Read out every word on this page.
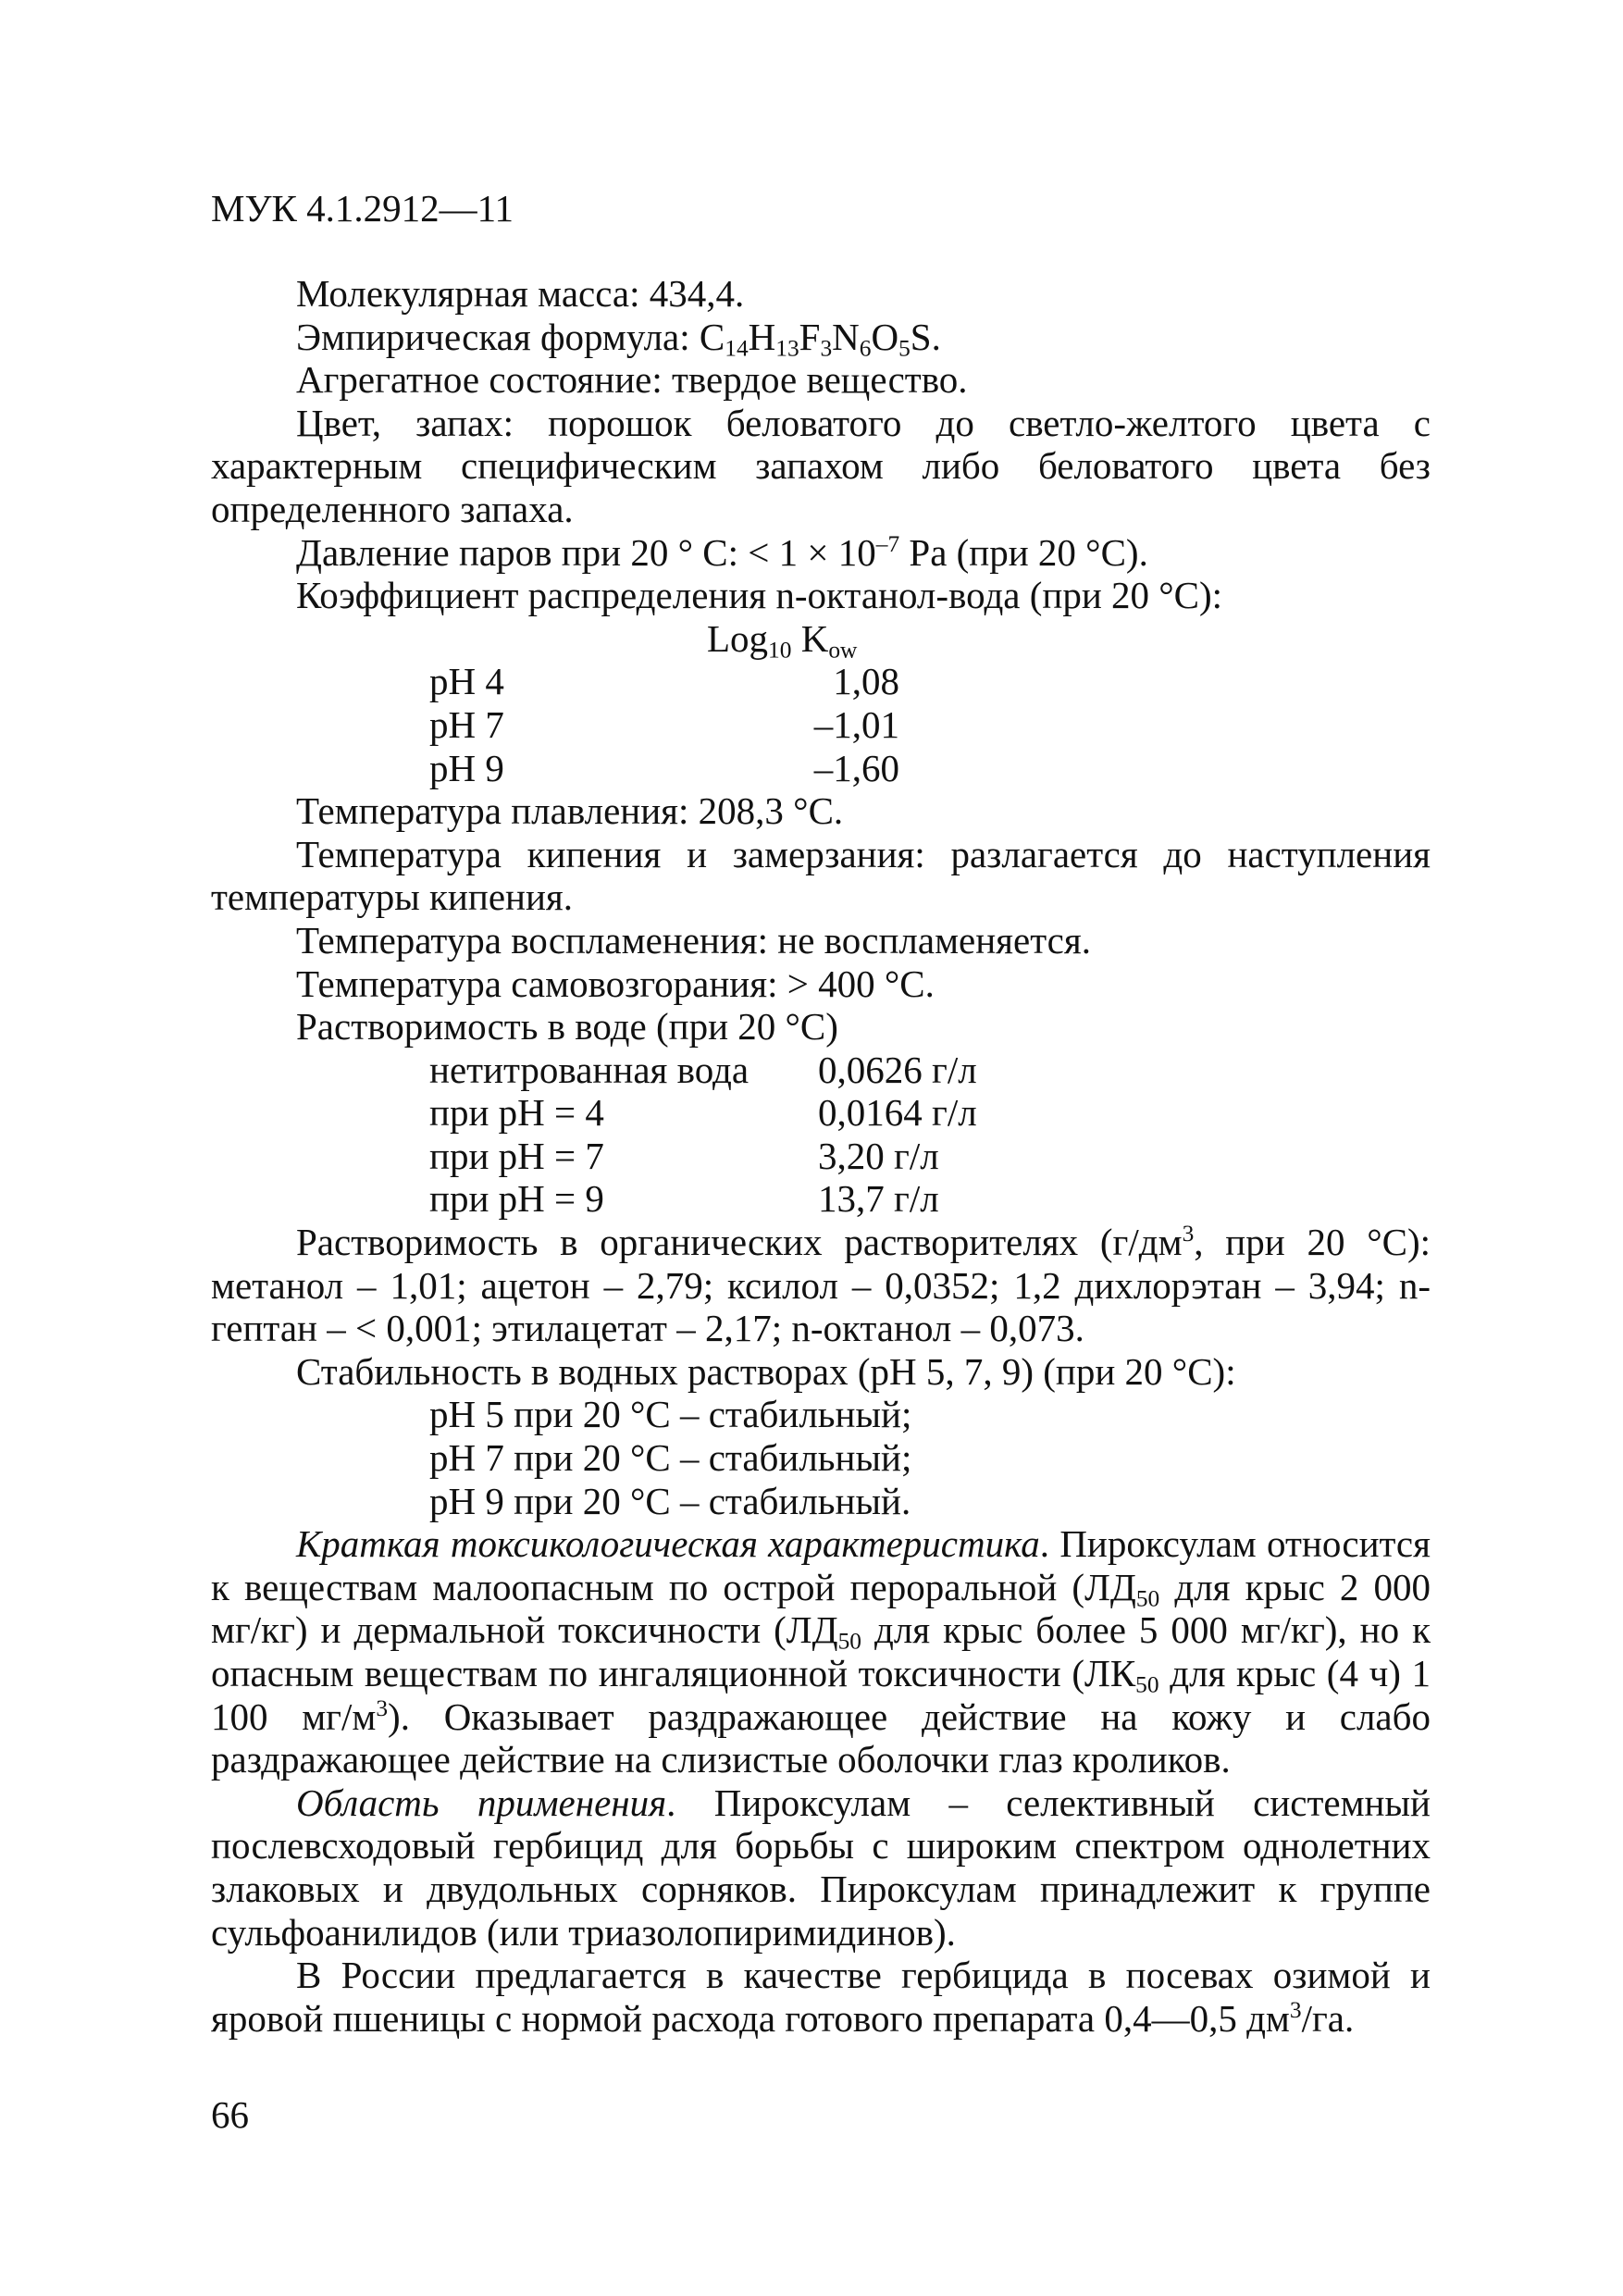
МУК 4.1.2912—11

Молекулярная масса: 434,4.

Эмпирическая формула: $C_{14}H_{13}F_3N_6O_5S$.

Агрегатное состояние: твердое вещество.

Цвет, запах: порошок беловатого до светло-желтого цвета с характерным специфическим запахом либо беловатого цвета без определенного запаха.

Давление паров при 20 ° С: < $1 \times 10^{-7}$ Pa (при 20 °С).

Коэффициент распределения n-октанол-вода (при 20 °С):

Log$_{10}$ $K_{ow}$
pH 4	1,08
pH 7	–1,01
pH 9	–1,60

Температура плавления: 208,3 °С.

Температура кипения и замерзания: разлагается до наступления температуры кипения.

Температура воспламенения: не воспламеняется.

Температура самовозгорания: > 400 °С.

Растворимость в воде (при 20 °С)

нетитрованная вода	0,0626 г/л
при pH = 4	0,0164 г/л
при pH = 7	3,20 г/л
при pH = 9	13,7 г/л

Растворимость в органических растворителях ($г/дм^3$, при 20 °С): метанол – 1,01; ацетон – 2,79; ксилол – 0,0352; 1,2 дихлорэтан – 3,94; n-гептан – < 0,001; этилацетат – 2,17; n-октанол – 0,073.

Стабильность в водных растворах (pH 5, 7, 9) (при 20 °С):

pH 5 при 20 °С – стабильный;
pH 7 при 20 °С – стабильный;
pH 9 при 20 °С – стабильный.

Краткая токсикологическая характеристика. Пироксулам относится к веществам малоопасным по острой пероральной ($ЛД_{50}$ для крыс 2 000 мг/кг) и дермальной токсичности ($ЛД_{50}$ для крыс более 5 000 мг/кг), но к опасным веществам по ингаляционной токсичности ($ЛК_{50}$ для крыс (4 ч) 1 100 $мг/м^3$). Оказывает раздражающее действие на кожу и слабо раздражающее действие на слизистые оболочки глаз кроликов.

Область применения. Пироксулам – селективный системный послевсходовый гербицид для борьбы с широким спектром однолетних злаковых и двудольных сорняков. Пироксулам принадлежит к группе сульфоанилидов (или триазолопиримидинов).

В России предлагается в качестве гербицида в посевах озимой и яровой пшеницы с нормой расхода готового препарата 0,4—0,5 $дм^3/га$.

66
